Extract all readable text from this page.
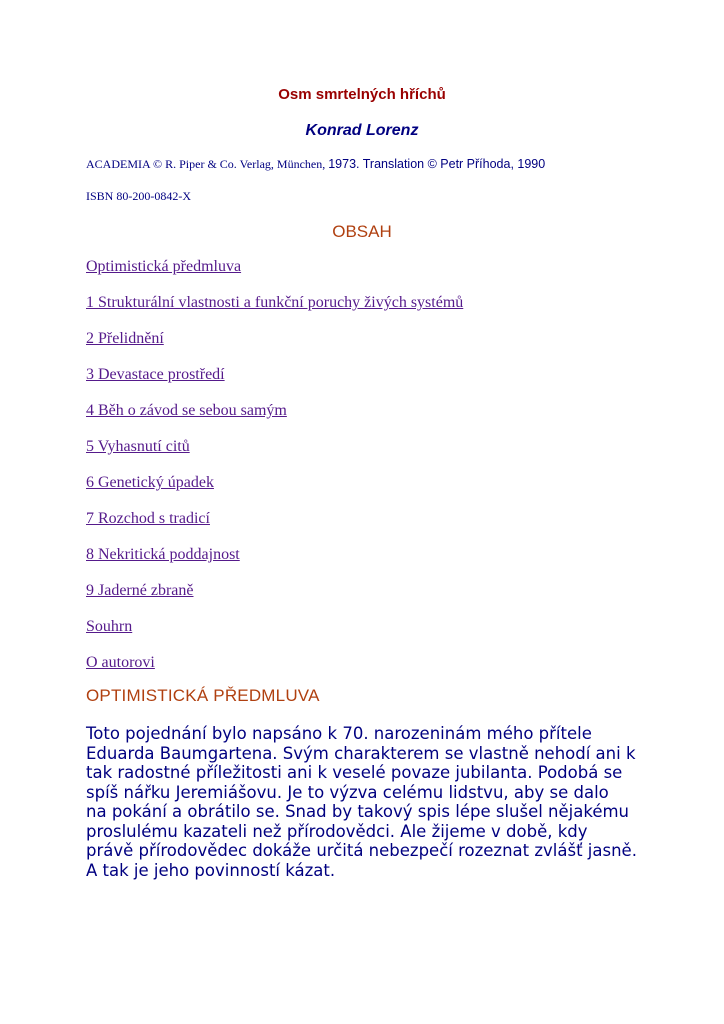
Osm smrtelných hříchů
Konrad Lorenz
ACADEMIA © R. Piper & Co. Verlag, München, 1973. Translation © Petr Příhoda, 1990
ISBN 80-200-0842-X
OBSAH
Optimistická předmluva
1 Strukturální vlastnosti a funkční poruchy živých systémů
2 Přelidnění
3 Devastace prostředí
4 Běh o závod se sebou samým
5 Vyhasnutí citů
6 Genetický úpadek
7 Rozchod s tradicí
8 Nekritická poddajnost
9 Jaderné zbraně
Souhrn
O autorovi
OPTIMISTICKÁ PŘEDMLUVA
Toto pojednání bylo napsáno k 70. narozeninám mého přítele
Eduarda Baumgartena. Svým charakterem se vlastně nehodí ani k
tak radostné příležitosti ani k veselé povaze jubilanta. Podobá se
spíš nářku Jeremiášovu. Je to výzva celému lidstvu, aby se dalo
na pokání a obrátilo se. Snad by takový spis lépe slušel nějakému
proslulému kazateli než přírodovědci. Ale žijeme v době, kdy
právě přírodovědec dokáže určitá nebezpečí rozeznat zvlášť jasně.
A tak je jeho povinností kázat.
